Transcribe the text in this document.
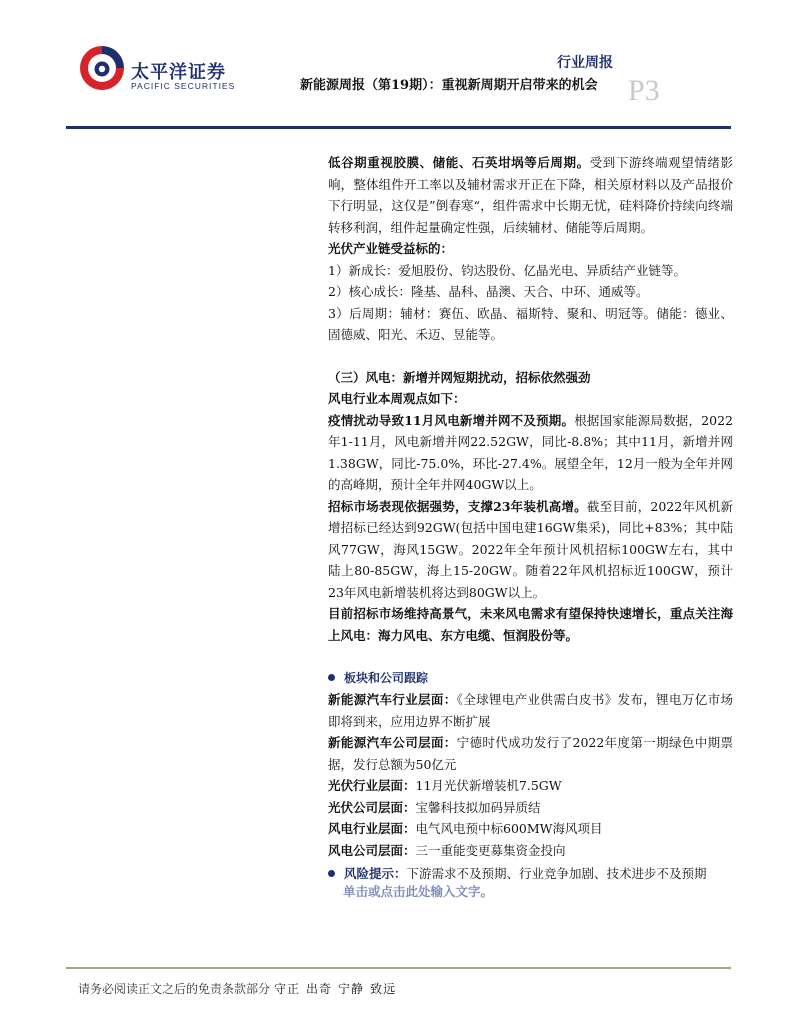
太平洋证券
PACIFIC SECURITIES
行业周报
新能源周报（第19期）：重视新周期开启带来的机会 P3

低谷期重视胶膜、储能、石英坩埚等后周期。受到下游终端观望情绪影响，整体组件开工率以及辅材需求开正在下降，相关原材料以及产品报价下行明显，这仅是”倒春寒“，组件需求中长期无忧，硅料降价持续向终端转移利润，组件起量确定性强，后续辅材、储能等后周期。

光伏产业链受益标的：

1）新成长：爱旭股份、钧达股份、亿晶光电、异质结产业链等。

2）核心成长：隆基、晶科、晶澳、天合、中环、通威等。

3）后周期：辅材：赛伍、欧晶、福斯特、聚和、明冠等。储能：德业、固德威、阳光、禾迈、昱能等。

（三）风电：新增并网短期扰动，招标依然强劲

风电行业本周观点如下：

疫情扰动导致11月风电新增并网不及预期。根据国家能源局数据，2022年1-11月，风电新增并网22.52GW，同比-8.8%；其中11月，新增并网1.38GW，同比-75.0%，环比-27.4%。展望全年，12月一般为全年并网的高峰期，预计全年并网40GW以上。

招标市场表现依据强势，支撑23年装机高增。截至目前，2022年风机新增招标已经达到92GW(包括中国电建16GW集采)，同比+83%；其中陆风77GW，海风15GW。2022年全年预计风机招标100GW左右，其中陆上80-85GW，海上15-20GW。随着22年风机招标近100GW，预计23年风电新增装机将达到80GW以上。

目前招标市场维持高景气，未来风电需求有望保持快速增长，重点关注海上风电：海力风电、东方电缆、恒润股份等。

板块和公司跟踪

新能源汽车行业层面：《全球锂电产业供需白皮书》发布，锂电万亿市场即将到来，应用边界不断扩展

新能源汽车公司层面：宁德时代成功发行了2022年度第一期绿色中期票据，发行总额为50亿元

光伏行业层面：11月光伏新增装机7.5GW

光伏公司层面：宝馨科技拟加码异质结

风电行业层面：电气风电预中标600MW海风项目

风电公司层面：三一重能变更募集资金投向

风险提示：下游需求不及预期、行业竞争加剧、技术进步不及预期

单击或点击此处输入文字。

请务必阅读正文之后的免责条款部分 守正 出奇 宁静 致远
